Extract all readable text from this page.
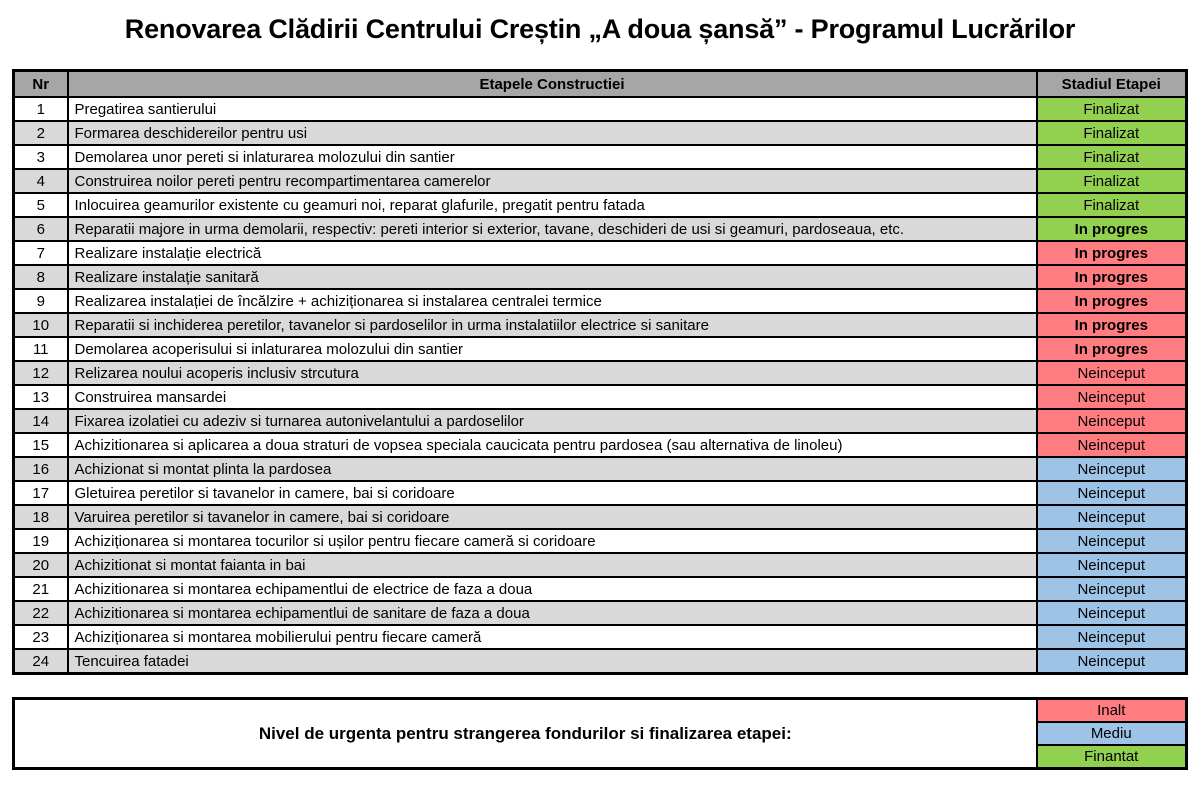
Renovarea Clădirii Centrului Creștin „A doua șansă” - Programul Lucrărilor
Nr	Etapele Constructiei	Stadiul Etapei
1	Pregatirea santierului	Finalizat
2	Formarea deschidereilor pentru usi	Finalizat
3	Demolarea unor pereti si inlaturarea molozului din santier	Finalizat
4	Construirea noilor pereti pentru recompartimentarea camerelor	Finalizat
5	Inlocuirea geamurilor existente cu geamuri noi, reparat glafurile, pregatit pentru fatada	Finalizat
6	Reparatii majore in urma demolarii, respectiv: pereti interior si exterior, tavane, deschideri de usi si geamuri, pardoseaua, etc.	In progres
7	Realizare instalație electrică	In progres
8	Realizare instalație sanitară	In progres
9	Realizarea instalației de încălzire + achiziționarea si instalarea centralei termice	In progres
10	Reparatii si inchiderea peretilor, tavanelor si pardoselilor in urma instalatiilor electrice si sanitare	In progres
11	Demolarea acoperisului si inlaturarea molozului din santier	In progres
12	Relizarea noului acoperis inclusiv strcutura	Neinceput
13	Construirea mansardei	Neinceput
14	Fixarea izolatiei cu adeziv si turnarea autonivelantului a pardoselilor	Neinceput
15	Achizitionarea si aplicarea a doua straturi de vopsea speciala caucicata pentru pardosea (sau alternativa de linoleu)	Neinceput
16	Achizionat si montat plinta la pardosea	Neinceput
17	Gletuirea peretilor si tavanelor in camere, bai si coridoare	Neinceput
18	Varuirea peretilor si tavanelor in camere, bai si coridoare	Neinceput
19	Achiziționarea si montarea tocurilor si ușilor pentru fiecare cameră si coridoare	Neinceput
20	Achizitionat si montat faianta in bai	Neinceput
21	Achizitionarea si montarea echipamentlui de electrice de faza a doua	Neinceput
22	Achizitionarea si montarea echipamentlui de sanitare de faza a doua	Neinceput
23	Achiziționarea si montarea mobilierului pentru fiecare cameră	Neinceput
24	Tencuirea fatadei	Neinceput
Nivel de urgenta pentru strangerea fondurilor si finalizarea etapei:	Inalt
Mediu
Finantat
